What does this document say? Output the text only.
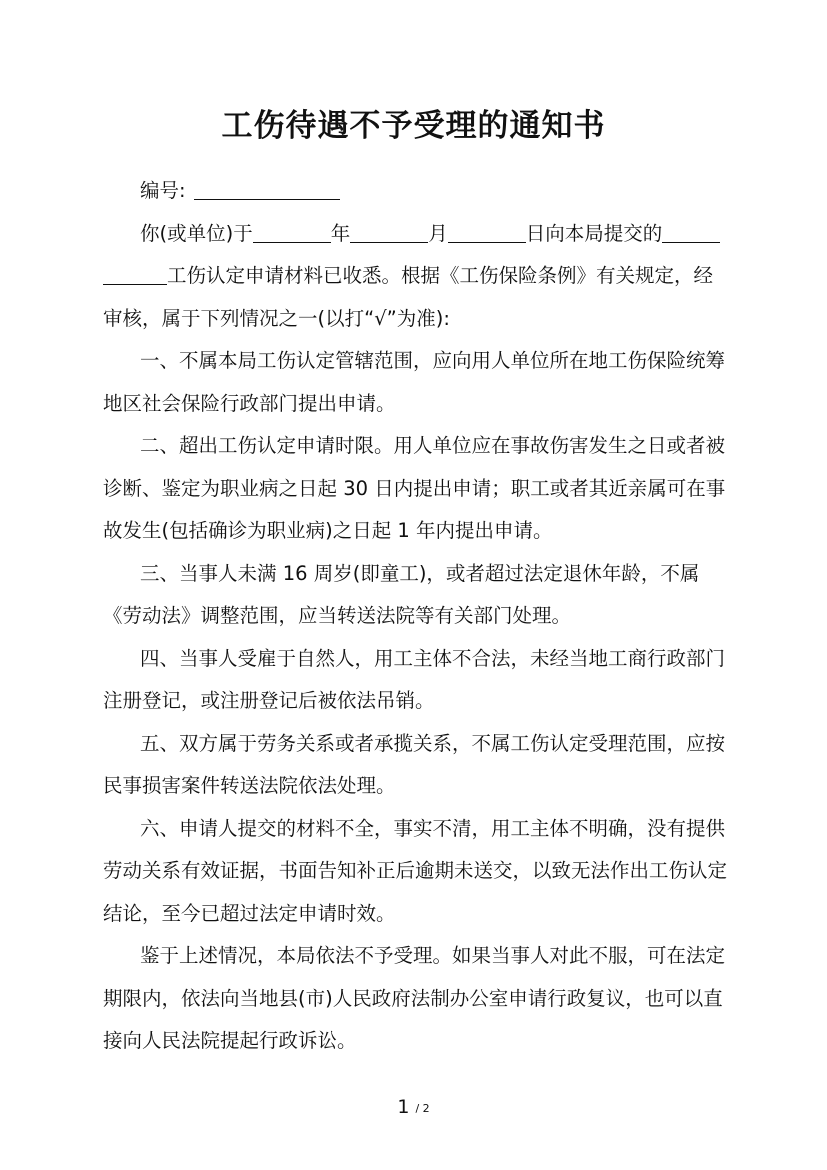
工伤待遇不予受理的通知书
编号:
你(或单位)于	年	月	日向本局提交的
工伤认定申请材料已收悉。根据《工伤保险条例》有关规定，经
审核，属于下列情况之一(以打“√”为准):
一、不属本局工伤认定管辖范围，应向用人单位所在地工伤保险统筹
地区社会保险行政部门提出申请。
二、超出工伤认定申请时限。用人单位应在事故伤害发生之日或者被
诊断、鉴定为职业病之日起 30 日内提出申请；职工或者其近亲属可在事
故发生(包括确诊为职业病)之日起 1 年内提出申请。
三、当事人未满 16 周岁(即童工)，或者超过法定退休年龄，不属
《劳动法》调整范围，应当转送法院等有关部门处理。
四、当事人受雇于自然人，用工主体不合法，未经当地工商行政部门
注册登记，或注册登记后被依法吊销。
五、双方属于劳务关系或者承揽关系，不属工伤认定受理范围，应按
民事损害案件转送法院依法处理。
六、申请人提交的材料不全，事实不清，用工主体不明确，没有提供
劳动关系有效证据，书面告知补正后逾期未送交，以致无法作出工伤认定
结论，至今已超过法定申请时效。
鉴于上述情况，本局依法不予受理。如果当事人对此不服，可在法定
期限内，依法向当地县(市)人民政府法制办公室申请行政复议，也可以直
接向人民法院提起行政诉讼。
1 / 2
